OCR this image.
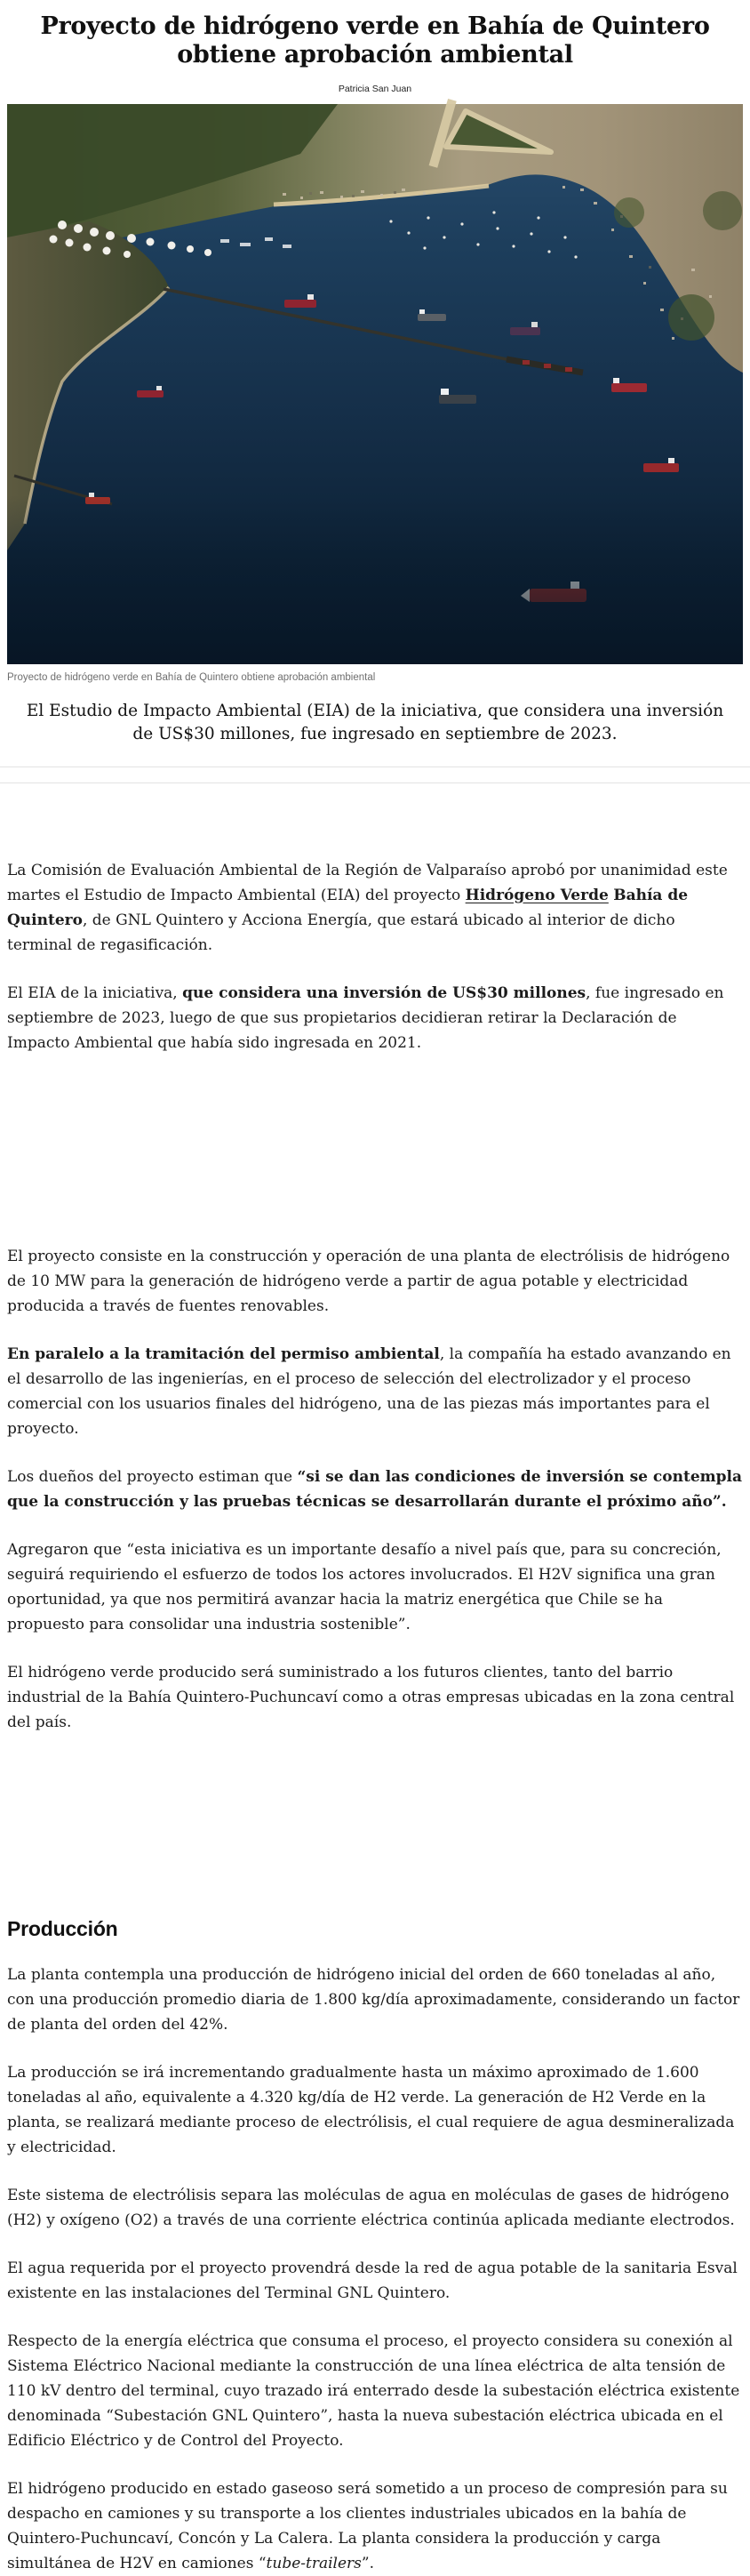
Proyecto de hidrógeno verde en Bahía de Quintero obtiene aprobación ambiental
Patricia San Juan
Proyecto de hidrógeno verde en Bahía de Quintero obtiene aprobación ambiental

El Estudio de Impacto Ambiental (EIA) de la iniciativa, que considera una inversión de US$30 millones, fue ingresado en septiembre de 2023.

La Comisión de Evaluación Ambiental de la Región de Valparaíso aprobó por unanimidad este martes el Estudio de Impacto Ambiental (EIA) del proyecto Hidrógeno Verde Bahía de Quintero, de GNL Quintero y Acciona Energía, que estará ubicado al interior de dicho terminal de regasificación.

El EIA de la iniciativa, que considera una inversión de US$30 millones, fue ingresado en septiembre de 2023, luego de que sus propietarios decidieran retirar la Declaración de Impacto Ambiental que había sido ingresada en 2021.

El proyecto consiste en la construcción y operación de una planta de electrólisis de hidrógeno de 10 MW para la generación de hidrógeno verde a partir de agua potable y electricidad producida a través de fuentes renovables.

En paralelo a la tramitación del permiso ambiental, la compañía ha estado avanzando en el desarrollo de las ingenierías, en el proceso de selección del electrolizador y el proceso comercial con los usuarios finales del hidrógeno, una de las piezas más importantes para el proyecto.

Los dueños del proyecto estiman que “si se dan las condiciones de inversión se contempla que la construcción y las pruebas técnicas se desarrollarán durante el próximo año”.

Agregaron que “esta iniciativa es un importante desafío a nivel país que, para su concreción, seguirá requiriendo el esfuerzo de todos los actores involucrados. El H2V significa una gran oportunidad, ya que nos permitirá avanzar hacia la matriz energética que Chile se ha propuesto para consolidar una industria sostenible”.

El hidrógeno verde producido será suministrado a los futuros clientes, tanto del barrio industrial de la Bahía Quintero-Puchuncaví como a otras empresas ubicadas en la zona central del país.

Producción

La planta contempla una producción de hidrógeno inicial del orden de 660 toneladas al año, con una producción promedio diaria de 1.800 kg/día aproximadamente, considerando un factor de planta del orden del 42%.

La producción se irá incrementando gradualmente hasta un máximo aproximado de 1.600 toneladas al año, equivalente a 4.320 kg/día de H2 verde. La generación de H2 Verde en la planta, se realizará mediante proceso de electrólisis, el cual requiere de agua desmineralizada y electricidad.

Este sistema de electrólisis separa las moléculas de agua en moléculas de gases de hidrógeno (H2) y oxígeno (O2) a través de una corriente eléctrica continúa aplicada mediante electrodos.

El agua requerida por el proyecto provendrá desde la red de agua potable de la sanitaria Esval existente en las instalaciones del Terminal GNL Quintero.

Respecto de la energía eléctrica que consuma el proceso, el proyecto considera su conexión al Sistema Eléctrico Nacional mediante la construcción de una línea eléctrica de alta tensión de 110 kV dentro del terminal, cuyo trazado irá enterrado desde la subestación eléctrica existente denominada “Subestación GNL Quintero”, hasta la nueva subestación eléctrica ubicada en el Edificio Eléctrico y de Control del Proyecto.

El hidrógeno producido en estado gaseoso será sometido a un proceso de compresión para su despacho en camiones y su transporte a los clientes industriales ubicados en la bahía de Quintero-Puchuncaví, Concón y La Calera. La planta considera la producción y carga simultánea de H2V en camiones “tube-trailers”.
